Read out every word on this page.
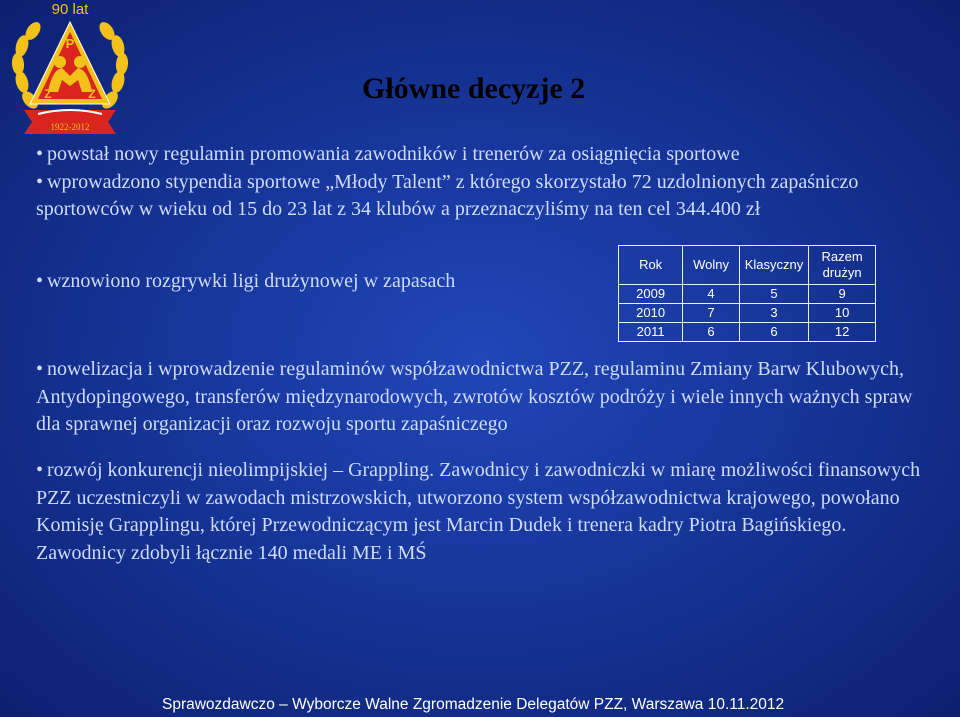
90 lat
P
Z	Z
1922-2012
Główne decyzje 2
• powstał nowy regulamin promowania zawodników i trenerów za osiągnięcia sportowe
• wprowadzono stypendia sportowe „Młody Talent” z którego skorzystało 72 uzdolnionych zapaśniczo sportowców w wieku od 15 do 23 lat z 34 klubów a przeznaczyliśmy na ten cel 344.400 zł
• wznowiono rozgrywki ligi drużynowej w zapasach
Rok	Wolny	Klasyczny	Razem drużyn
2009	4	5	9
2010	7	3	10
2011	6	6	12
• nowelizacja i wprowadzenie regulaminów współzawodnictwa PZZ, regulaminu Zmiany Barw Klubowych, Antydopingowego, transferów międzynarodowych, zwrotów kosztów podróży i wiele innych ważnych spraw dla sprawnej organizacji oraz rozwoju sportu zapaśniczego
• rozwój konkurencji nieolimpijskiej – Grappling. Zawodnicy i zawodniczki w miarę możliwości finansowych PZZ uczestniczyli w zawodach mistrzowskich, utworzono system współzawodnictwa krajowego, powołano Komisję Grapplingu, której Przewodniczącym jest Marcin Dudek i trenera kadry Piotra Bagińskiego.
Zawodnicy zdobyli łącznie 140 medali ME i MŚ
Sprawozdawczo – Wyborcze Walne Zgromadzenie Delegatów PZZ, Warszawa 10.11.2012
